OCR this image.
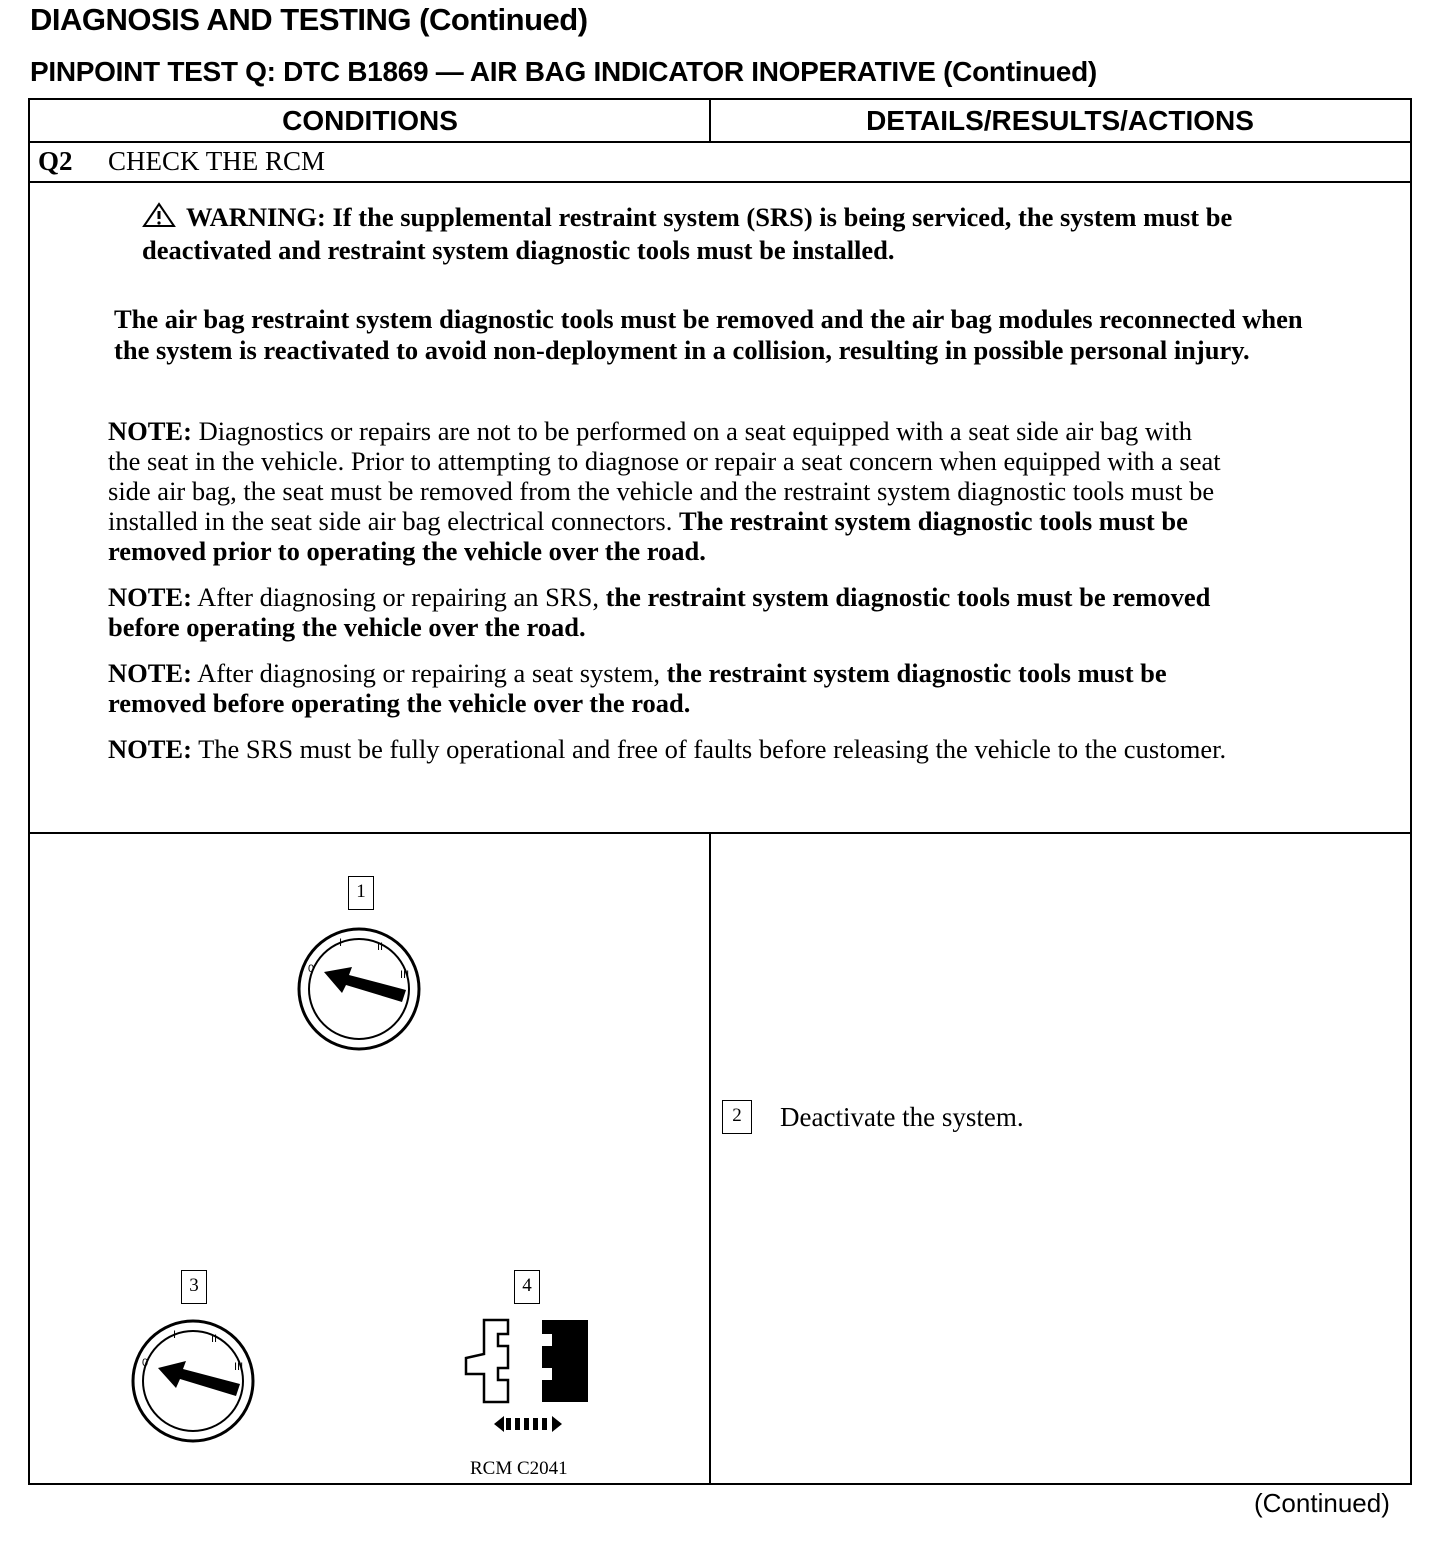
DIAGNOSIS AND TESTING (Continued)
PINPOINT TEST Q: DTC B1869 — AIR BAG INDICATOR INOPERATIVE (Continued)
CONDITIONS	DETAILS/RESULTS/ACTIONS
Q2 CHECK THE RCM

WARNING: If the supplemental restraint system (SRS) is being serviced, the system must be deactivated and restraint system diagnostic tools must be installed.

The air bag restraint system diagnostic tools must be removed and the air bag modules reconnected when the system is reactivated to avoid non-deployment in a collision, resulting in possible personal injury.

NOTE: Diagnostics or repairs are not to be performed on a seat equipped with a seat side air bag with the seat in the vehicle. Prior to attempting to diagnose or repair a seat concern when equipped with a seat side air bag, the seat must be removed from the vehicle and the restraint system diagnostic tools must be installed in the seat side air bag electrical connectors. The restraint system diagnostic tools must be removed prior to operating the vehicle over the road.

NOTE: After diagnosing or repairing an SRS, the restraint system diagnostic tools must be removed before operating the vehicle over the road.

NOTE: After diagnosing or repairing a seat system, the restraint system diagnostic tools must be removed before operating the vehicle over the road.

NOTE: The SRS must be fully operational and free of faults before releasing the vehicle to the customer.

1
3	4
0
I	II
III
0
I	II
III
RCM C2041
2	Deactivate the system.
(Continued)
